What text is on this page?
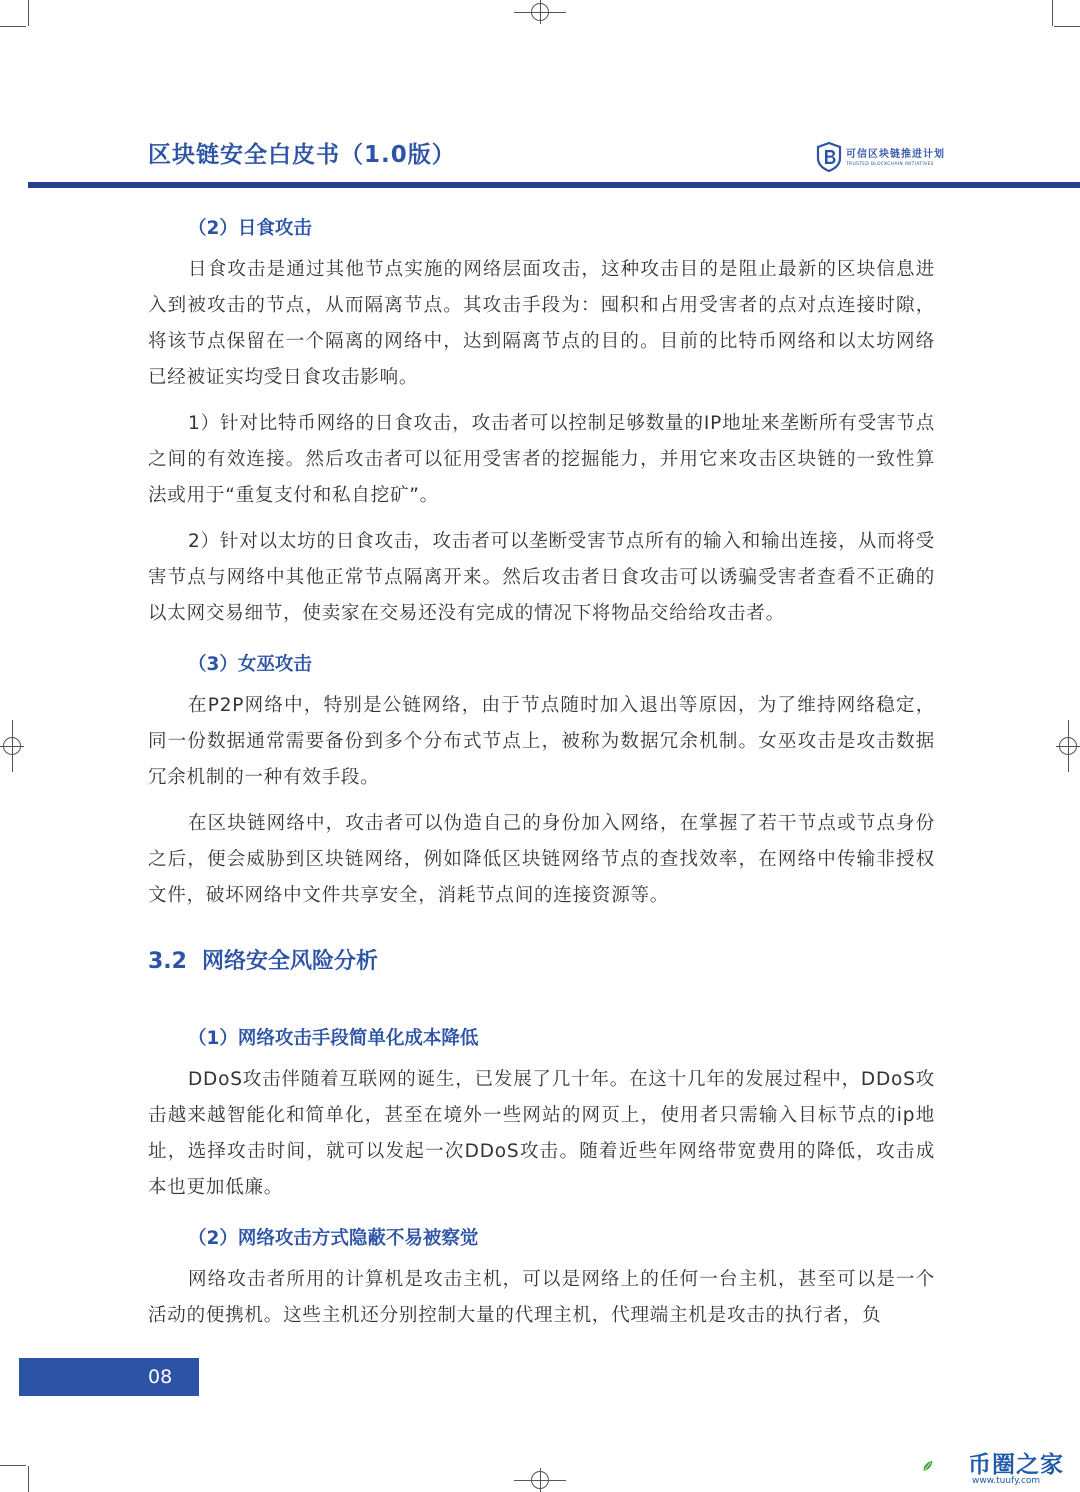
区块链安全白皮书（1.0版）	可信区块链推进计划
TRUSTED BLOCKCHAIN INITIATIVES
（2）日食攻击

日食攻击是通过其他节点实施的网络层面攻击，这种攻击目的是阻止最新的区块信息进入到被攻击的节点，从而隔离节点。其攻击手段为：囤积和占用受害者的点对点连接时隙，将该节点保留在一个隔离的网络中，达到隔离节点的目的。目前的比特币网络和以太坊网络已经被证实均受日食攻击影响。

1）针对比特币网络的日食攻击，攻击者可以控制足够数量的IP地址来垄断所有受害节点之间的有效连接。然后攻击者可以征用受害者的挖掘能力，并用它来攻击区块链的一致性算法或用于“重复支付和私自挖矿”。

2）针对以太坊的日食攻击，攻击者可以垄断受害节点所有的输入和输出连接，从而将受害节点与网络中其他正常节点隔离开来。然后攻击者日食攻击可以诱骗受害者查看不正确的以太网交易细节，使卖家在交易还没有完成的情况下将物品交给给攻击者。

（3）女巫攻击

在P2P网络中，特别是公链网络，由于节点随时加入退出等原因，为了维持网络稳定，同一份数据通常需要备份到多个分布式节点上，被称为数据冗余机制。女巫攻击是攻击数据冗余机制的一种有效手段。

在区块链网络中，攻击者可以伪造自己的身份加入网络，在掌握了若干节点或节点身份之后，便会威胁到区块链网络，例如降低区块链网络节点的查找效率，在网络中传输非授权文件，破坏网络中文件共享安全，消耗节点间的连接资源等。

3.2 网络安全风险分析
（1）网络攻击手段简单化成本降低

DDoS攻击伴随着互联网的诞生，已发展了几十年。在这十几年的发展过程中，DDoS攻击越来越智能化和简单化，甚至在境外一些网站的网页上，使用者只需输入目标节点的ip地址，选择攻击时间，就可以发起一次DDoS攻击。随着近些年网络带宽费用的降低，攻击成本也更加低廉。

（2）网络攻击方式隐蔽不易被察觉

网络攻击者所用的计算机是攻击主机，可以是网络上的任何一台主机，甚至可以是一个活动的便携机。这些主机还分别控制大量的代理主机，代理端主机是攻击的执行者，负

08
币圈之家
www.tuufy.com
